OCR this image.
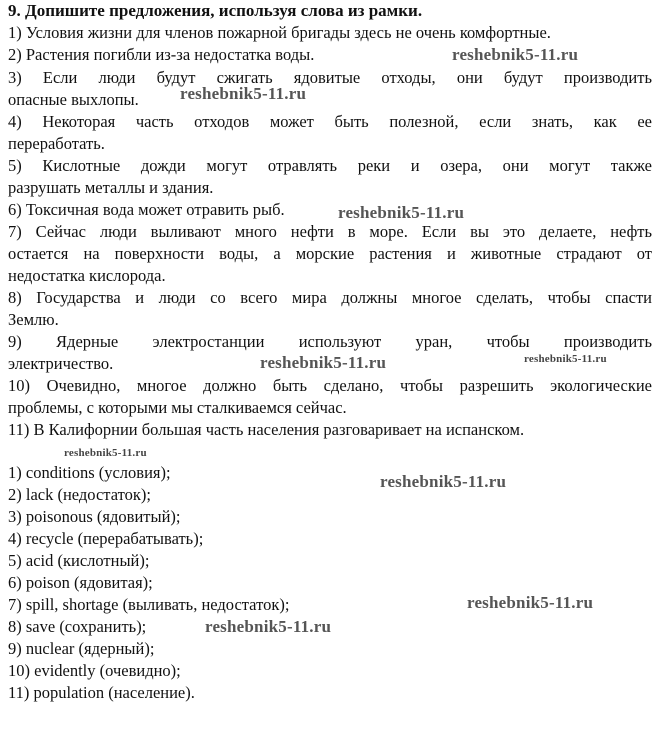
9. Допишите предложения, используя слова из рамки.
1) Условия жизни для членов пожарной бригады здесь не очень комфортные.
2) Растения погибли из-за недостатка воды.
3) Если люди будут сжигать ядовитые отходы, они будут производить
опасные выхлопы.
4) Некоторая часть отходов может быть полезной, если знать, как ее
переработать.
5) Кислотные дожди могут отравлять реки и озера, они могут также
разрушать металлы и здания.
6) Токсичная вода может отравить рыб.
7) Сейчас люди выливают много нефти в море. Если вы это делаете, нефть
остается на поверхности воды, а морские растения и животные страдают от
недостатка кислорода.
8) Государства и люди со всего мира должны многое сделать, чтобы спасти
Землю.
9) Ядерные электростанции используют уран, чтобы производить
электричество.
10) Очевидно, многое должно быть сделано, чтобы разрешить экологические
проблемы, с которыми мы сталкиваемся сейчас.
11) В Калифорнии большая часть населения разговаривает на испанском.
1) conditions (условия);
2) lack (недостаток);
3) poisonous (ядовитый);
4) recycle (перерабатывать);
5) acid (кислотный);
6) poison (ядовитая);
7) spill, shortage (выливать, недостаток);
8) save (сохранить);
9) nuclear (ядерный);
10) evidently (очевидно);
11) population (население).
reshebnik5-11.ru
reshebnik5-11.ru
reshebnik5-11.ru
reshebnik5-11.ru	reshebnik5-11.ru
reshebnik5-11.ru
reshebnik5-11.ru
reshebnik5-11.ru
reshebnik5-11.ru
